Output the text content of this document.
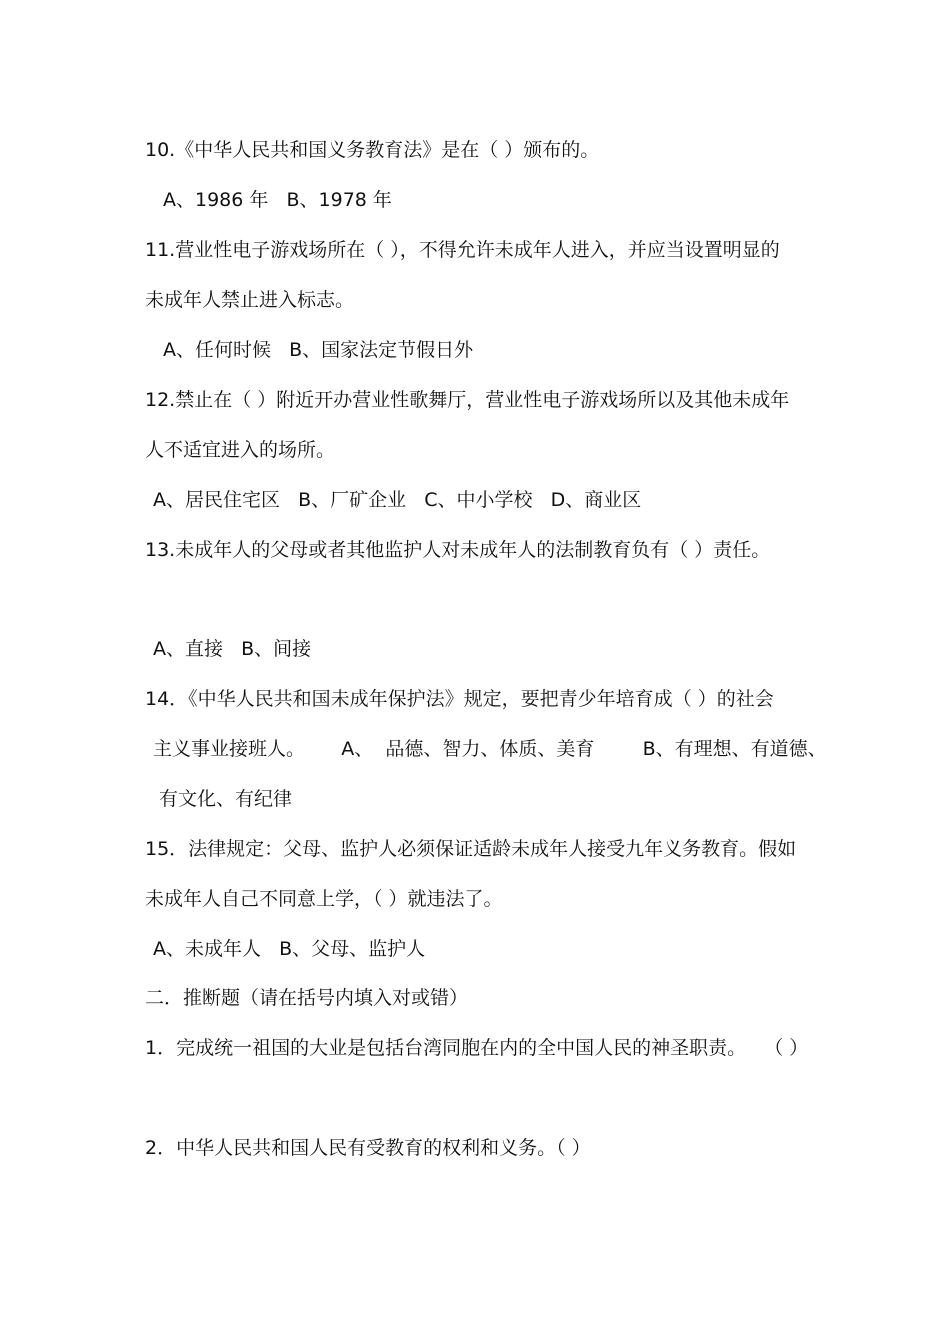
10.《中华人民共和国义务教育法》是在（ ）颁布的。
A、1986 年   B、1978 年
11.营业性电子游戏场所在（ ），不得允许未成年人进入，并应当设置明显的
未成年人禁止进入标志。
A、任何时候   B、国家法定节假日外
12.禁止在（ ）附近开办营业性歌舞厅，营业性电子游戏场所以及其他未成年
人不适宜进入的场所。
A、居民住宅区   B、厂矿企业   C、中小学校   D、商业区
13.未成年人的父母或者其他监护人对未成年人的法制教育负有（ ）责任。
A、直接   B、间接
14．《中华人民共和国未成年保护法》规定，要把青少年培育成（ ）的社会
主义事业接班人。      A、  品德、智力、体质、美育        B、有理想、有道德、
有文化、有纪律
15．法律规定：父母、监护人必须保证适龄未成年人接受九年义务教育。假如
未成年人自己不同意上学，（ ）就违法了。
A、未成年人   B、父母、监护人
二．推断题（请在括号内填入对或错）
1．完成统一祖国的大业是包括台湾同胞在内的全中国人民的神圣职责。   （ ）
2．中华人民共和国人民有受教育的权利和义务。（ ）
